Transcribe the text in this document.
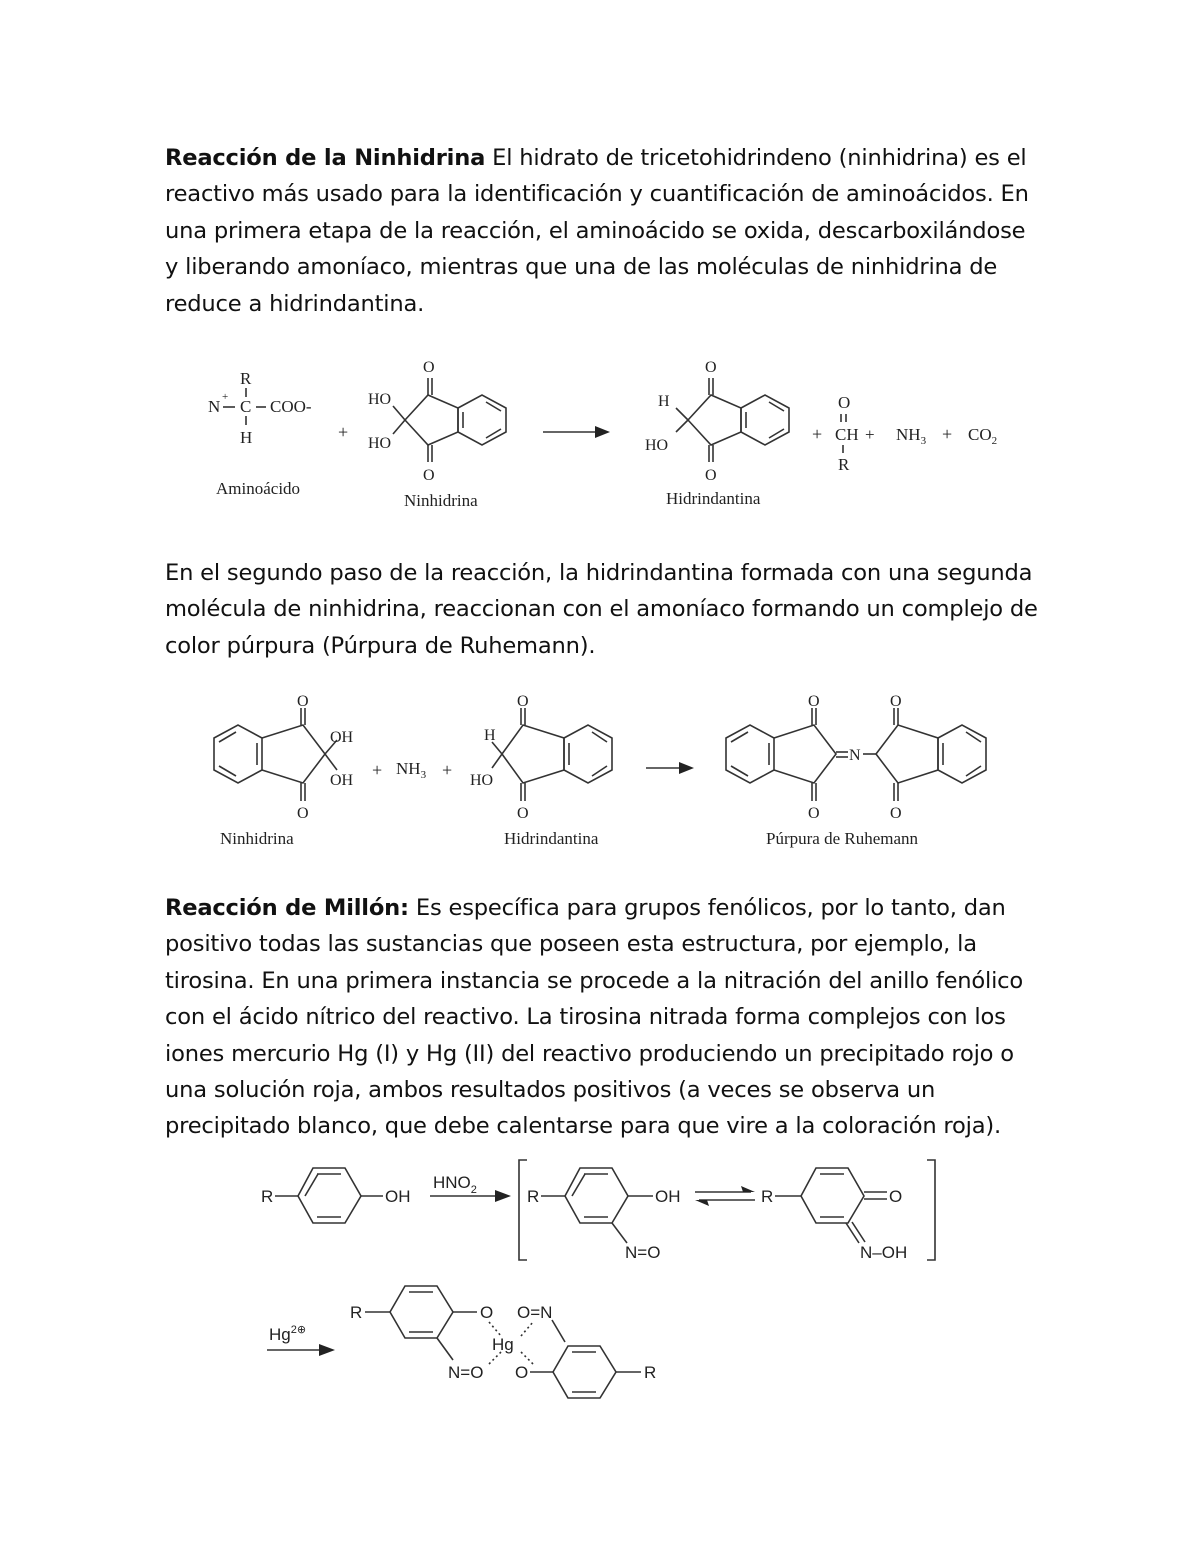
Reacción de la Ninhidrina El hidrato de tricetohidrindeno (ninhidrina) es el reactivo más usado para la identificación y cuantificación de aminoácidos. En una primera etapa de la reacción, el aminoácido se oxida, descarboxilándose y liberando amoníaco, mientras que una de las moléculas de ninhidrina de reduce a hidrindantina.
R
N + C COO-
H
Aminoácido
+
O
O
HO
HO
Ninhidrina
O
O
H
HO
Hidrindantina
+
O
CH +
R
$NH_3 + CO_2$
En el segundo paso de la reacción, la hidrindantina formada con una segunda molécula de ninhidrina, reaccionan con el amoníaco formando un complejo de color púrpura (Púrpura de Ruhemann).
O
O
OH
OH
Ninhidrina
+ $NH_3$ +
O
O
H
HO
Hidrindantina
O
O
N
O
O
Púrpura de Ruhemann
Reacción de Millón: Es específica para grupos fenólicos, por lo tanto, dan positivo todas las sustancias que poseen esta estructura, por ejemplo, la tirosina. En una primera instancia se procede a la nitración del anillo fenólico con el ácido nítrico del reactivo. La tirosina nitrada forma complejos con los iones mercurio Hg (I) y Hg (II) del reactivo produciendo un precipitado rojo o una solución roja, ambos resultados positivos (a veces se observa un precipitado blanco, que debe calentarse para que vire a la coloración roja).
R	OH
$HNO_2$	R	OH
N=O
R	O
N–OH
$Hg^{2\oplus}$
R	O
N=O
Hg
O=N
O	R
